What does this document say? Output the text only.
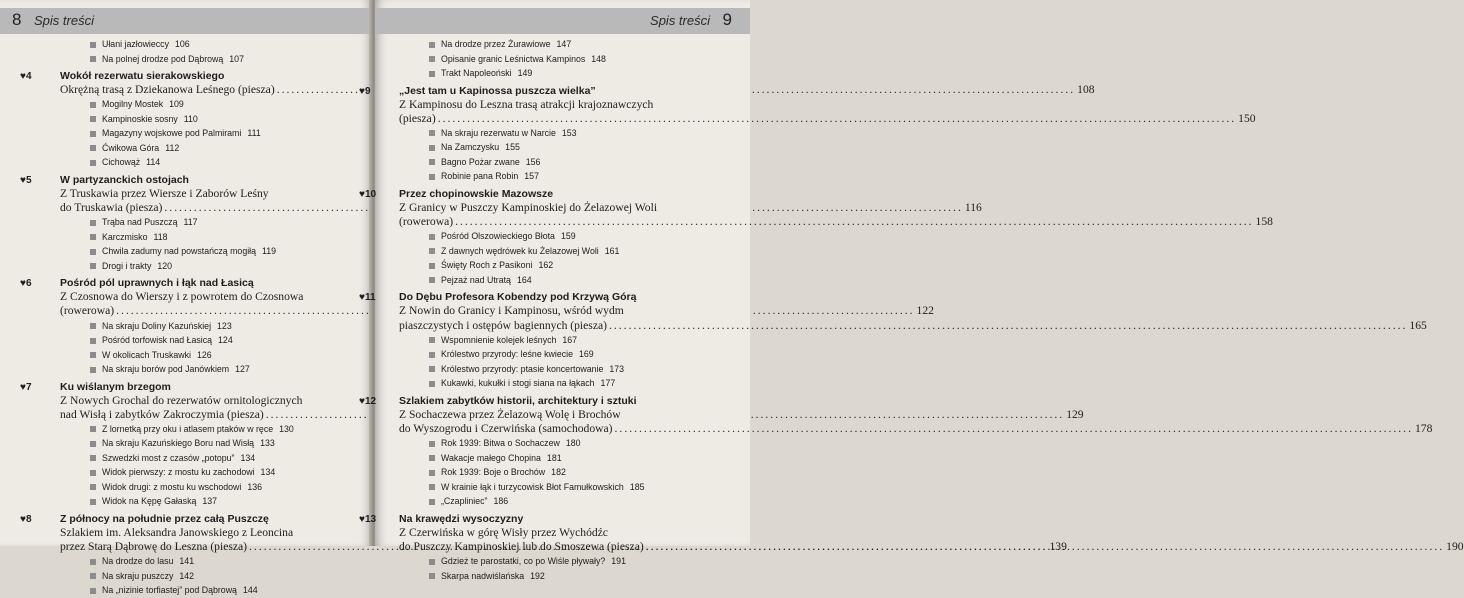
8 Spis treści
Ułani jazłowieccy 106
Na polnej drodze pod Dąbrową 107
♥4	Wokół rezerwatu sierakowskiego
Okrężną trasą z Dziekanowa Leśnego (piesza) .....	108
Mogilny Mostek 109
Kampinoskie sosny 110
Magazyny wojskowe pod Palmirami 111
Ćwikowa Góra 112
Cichowąż 114
♥5	W partyzanckich ostojach
Z Truskawia przez Wiersze i Zaborów Leśny
do Truskawia (piesza) .....	116
Trąba nad Puszczą 117
Karczmisko 118
Chwila zadumy nad powstańczą mogiłą 119
Drogi i trakty 120
♥6	Pośród pól uprawnych i łąk nad Łasicą
Z Czosnowa do Wierszy i z powrotem do Czosnowa
(rowerowa) .....	122
Na skraju Doliny Kazuńskiej 123
Pośród torfowisk nad Łasicą 124
W okolicach Truskawki 126
Na skraju borów pod Janówkiem 127
♥7	Ku wiślanym brzegom
Z Nowych Grochal do rezerwatów ornitologicznych
nad Wisłą i zabytków Zakroczymia (piesza) .....	129
Z lornetką przy oku i atlasem ptaków w ręce 130
Na skraju Kazuńskiego Boru nad Wisłą 133
Szwedzki most z czasów „potopu” 134
Widok pierwszy: z mostu ku zachodowi 134
Widok drugi: z mostu ku wschodowi 136
Widok na Kępę Gałaską 137
♥8	Z północy na południe przez całą Puszczę
Szlakiem im. Aleksandra Janowskiego z Leoncina
przez Starą Dąbrowę do Leszna (piesza) .....	139
Na drodze do lasu 141
Na skraju puszczy 142
Na „nizinie torfiastej” pod Dąbrową 144
Spis treści 9
Na drodze przez Żurawiowe 147
Opisanie granic Leśnictwa Kampinos 148
Trakt Napoleoński 149
♥9	„Jest tam u Kapinossa puszcza wielka”
Z Kampinosu do Leszna trasą atrakcji krajoznawczych
(piesza) .....	150
Na skraju rezerwatu w Narcie 153
Na Zamczysku 155
Bagno Pożar zwane 156
Robinie pana Robin 157
♥10 Przez chopinowskie Mazowsze
Z Granicy w Puszczy Kampinoskiej do Żelazowej Woli
(rowerowa) .....	158
Pośród Olszowieckiego Błota 159
Z dawnych wędrówek ku Żelazowej Woli 161
Święty Roch z Pasikoni 162
Pejzaż nad Utratą 164
♥11 Do Dębu Profesora Kobendzy pod Krzywą Górą
Z Nowin do Granicy i Kampinosu, wśród wydm
piaszczystych i ostępów bagiennych (piesza) .....	165
Wspomnienie kolejek leśnych 167
Królestwo przyrody: leśne kwiecie 169
Królestwo przyrody: ptasie koncertowanie 173
Kukawki, kukułki i stogi siana na łąkach 177
♥12 Szlakiem zabytków historii, architektury i sztuki
Z Sochaczewa przez Żelazową Wolę i Brochów
do Wyszogrodu i Czerwińska (samochodowa) .....	178
Rok 1939: Bitwa o Sochaczew 180
Wakacje małego Chopina 181
Rok 1939: Boje o Brochów 182
W krainie łąk i turzycowisk Błot Famułkowskich 185
„Czapliniec” 186
♥13 Na krawędzi wysoczyzny
Z Czerwińska w górę Wisły przez Wychódźc
do Puszczy Kampinoskiej lub do Smoszewa (piesza) .....	190
Gdzież te parostatki, co po Wiśle pływały? 191
Skarpa nadwiślańska 192
